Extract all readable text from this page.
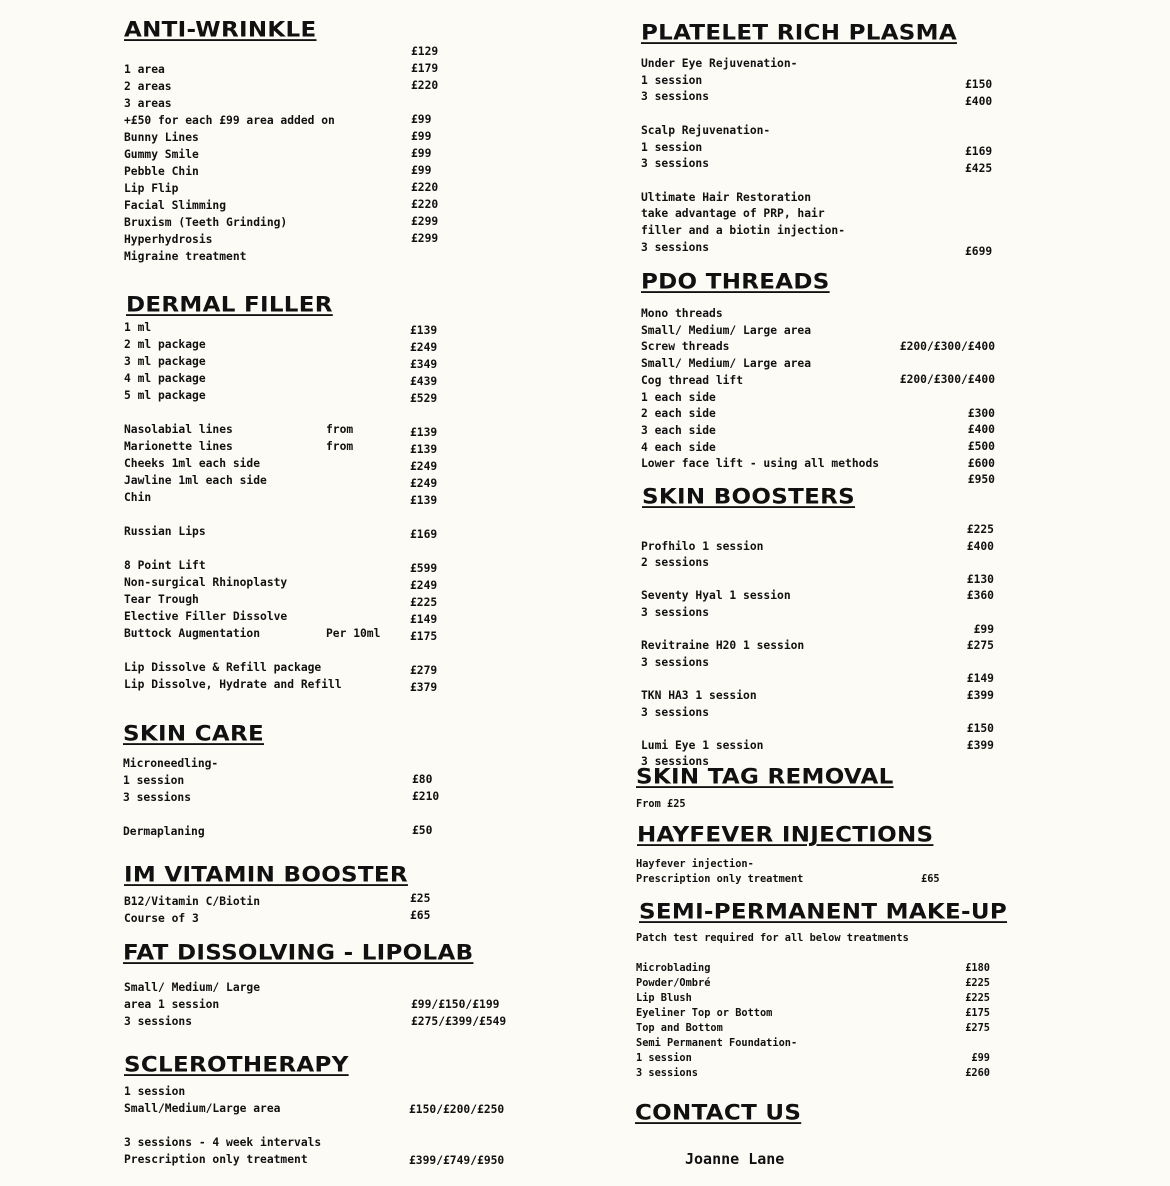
ANTI-WRINKLE
1 area
2 areas
3 areas
+£50 for each £99 area added on
Bunny Lines
Gummy Smile
Pebble Chin
Lip Flip
Facial Slimming
Bruxism (Teeth Grinding)
Hyperhydrosis
Migraine treatment
£129
£179
£220

£99
£99
£99
£99
£220
£220
£299
£299
DERMAL FILLER
1 ml
2 ml package
3 ml package
4 ml package
5 ml package

Nasolabial lines
Marionette lines
Cheeks 1ml each side
Jawline 1ml each side
Chin

Russian Lips

8 Point Lift
Non-surgical Rhinoplasty
Tear Trough
Elective Filler Dissolve
Buttock Augmentation

Lip Dissolve & Refill package
Lip Dissolve, Hydrate and Refill

from
from

Per 10ml

£139
£249
£349
£439
£529

£139
£139
£249
£249
£139

£169

£599
£249
£225
£149
£175

£279
£379
SKIN CARE
Microneedling-
1 session
3 sessions

Dermaplaning
£80
£210

£50
IM VITAMIN BOOSTER
B12/Vitamin C/Biotin
Course of 3
£25
£65
FAT DISSOLVING - LIPOLAB
Small/ Medium/ Large
area 1 session
3 sessions
£99/£150/£199
£275/£399/£549
SCLEROTHERAPY
1 session
Small/Medium/Large area

3 sessions - 4 week intervals
Prescription only treatment
£150/£200/£250
£399/£749/£950
PLATELET RICH PLASMA
Under Eye Rejuvenation-
1 session
3 sessions

Scalp Rejuvenation-
1 session
3 sessions

Ultimate Hair Restoration
take advantage of PRP, hair
filler and a biotin injection-
3 sessions
£150
£400
£169
£425
£699
PDO THREADS
Mono threads
Small/ Medium/ Large area
Screw threads
Small/ Medium/ Large area
Cog thread lift
1 each side
2 each side
3 each side
4 each side
Lower face lift - using all methods

£200/£300/£400

£200/£300/£400

£300
£400
£500
£600
£950
SKIN BOOSTERS

Profhilo 1 session
2 sessions

Seventy Hyal 1 session
3 sessions

Revitraine H20 1 session
3 sessions

TKN HA3 1 session
3 sessions

Lumi Eye 1 session
3 sessions
£225
£400

£130
£360

£99
£275

£149
£399

£150
£399
SKIN TAG REMOVAL
From £25
HAYFEVER INJECTIONS
Hayfever injection-
Prescription only treatment	£65
SEMI-PERMANENT MAKE-UP
Patch test required for all below treatments
Microblading
Powder/Ombré
Lip Blush
Eyeliner Top or Bottom
Top and Bottom
Semi Permanent Foundation-
1 session
3 sessions
£180
£225
£225
£175
£275

£99
£260
CONTACT US
Joanne Lane
